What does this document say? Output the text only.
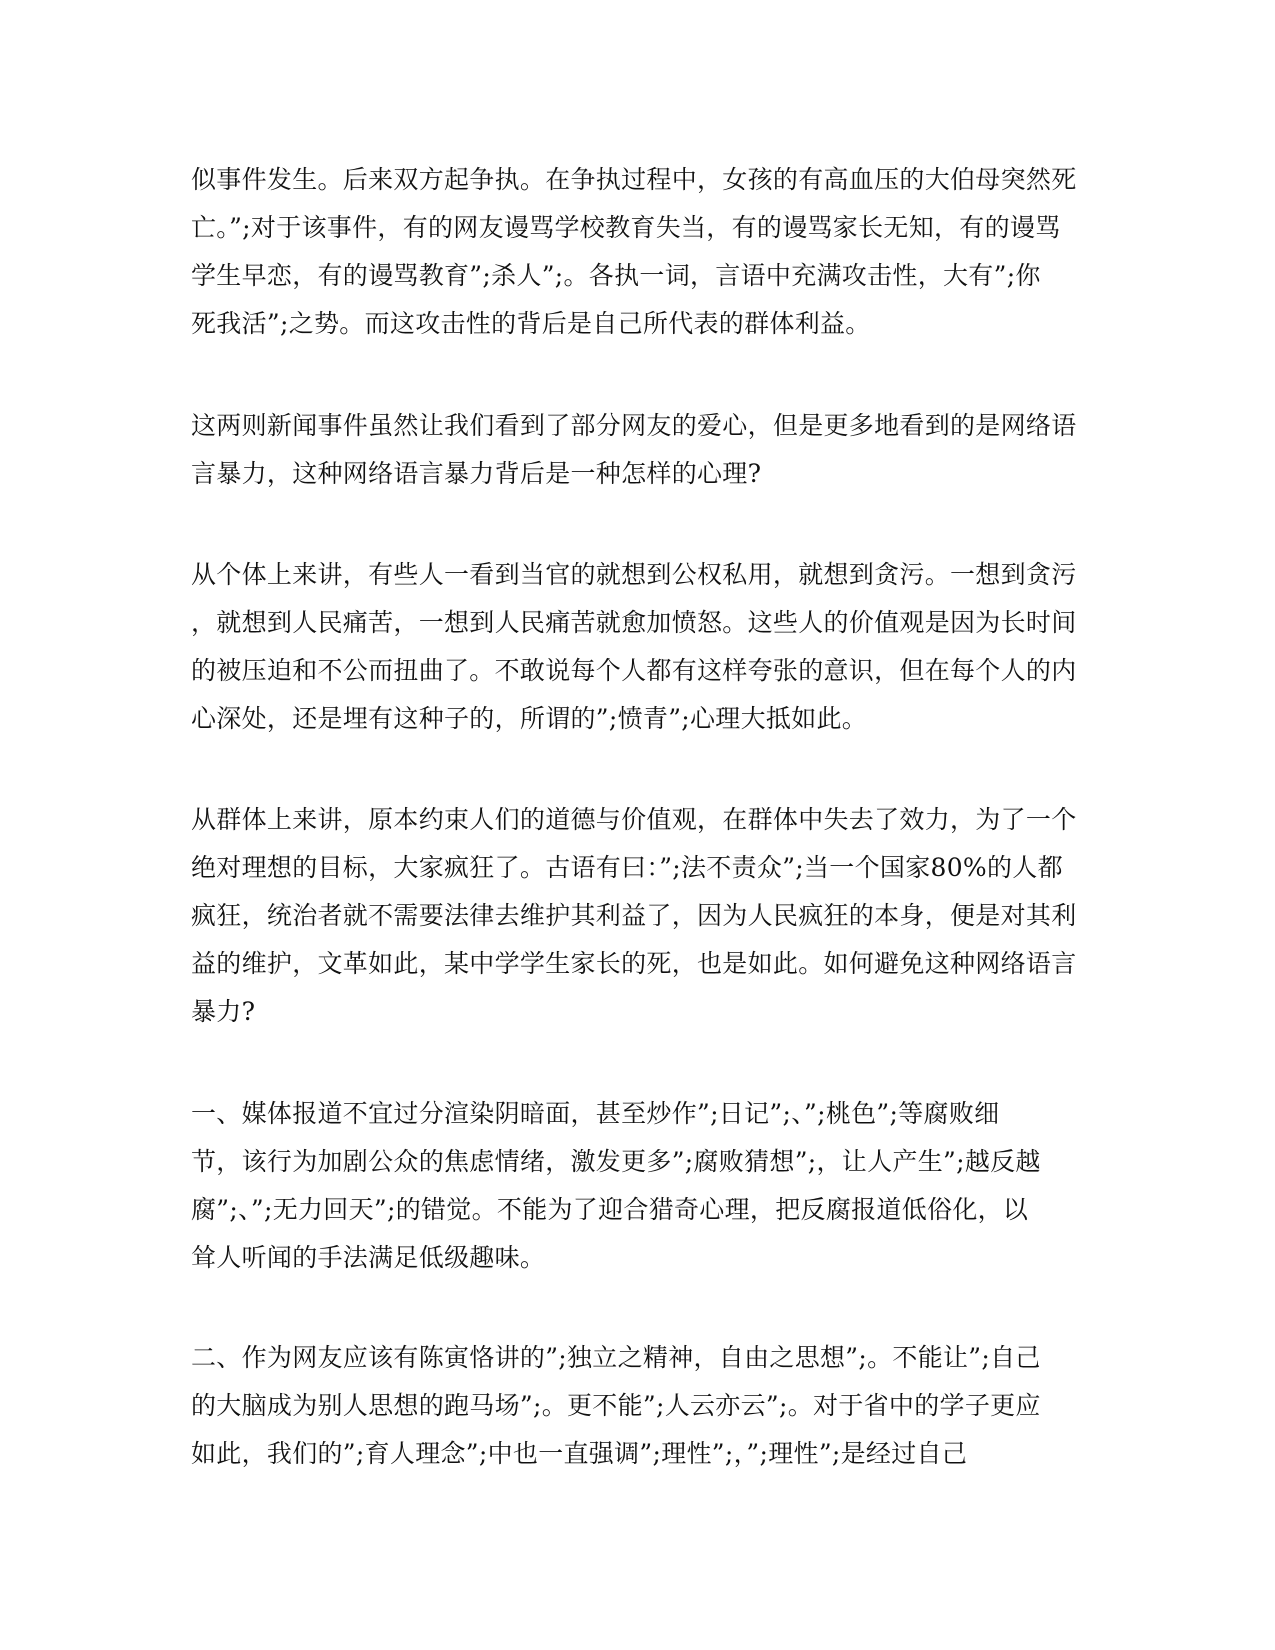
似事件发生。后来双方起争执。在争执过程中，女孩的有高血压的大伯母突然死
亡。”;对于该事件，有的网友谩骂学校教育失当，有的谩骂家长无知，有的谩骂
学生早恋，有的谩骂教育”;杀人”;。各执一词，言语中充满攻击性，大有”;你
死我活”;之势。而这攻击性的背后是自己所代表的群体利益。
这两则新闻事件虽然让我们看到了部分网友的爱心，但是更多地看到的是网络语
言暴力，这种网络语言暴力背后是一种怎样的心理?
从个体上来讲，有些人一看到当官的就想到公权私用，就想到贪污。一想到贪污
，就想到人民痛苦，一想到人民痛苦就愈加愤怒。这些人的价值观是因为长时间
的被压迫和不公而扭曲了。不敢说每个人都有这样夸张的意识，但在每个人的内
心深处，还是埋有这种子的，所谓的”;愤青”;心理大抵如此。
从群体上来讲，原本约束人们的道德与价值观，在群体中失去了效力，为了一个
绝对理想的目标，大家疯狂了。古语有曰：”;法不责众”;当一个国家80%的人都
疯狂，统治者就不需要法律去维护其利益了，因为人民疯狂的本身，便是对其利
益的维护，文革如此，某中学学生家长的死，也是如此。如何避免这种网络语言
暴力?
一、媒体报道不宜过分渲染阴暗面，甚至炒作”;日记”;、”;桃色”;等腐败细
节，该行为加剧公众的焦虑情绪，激发更多”;腐败猜想”;，让人产生”;越反越
腐”;、”;无力回天”;的错觉。不能为了迎合猎奇心理，把反腐报道低俗化，以
耸人听闻的手法满足低级趣味。
二、作为网友应该有陈寅恪讲的”;独立之精神，自由之思想”;。不能让”;自己
的大脑成为别人思想的跑马场”;。更不能”;人云亦云”;。对于省中的学子更应
如此，我们的”;育人理念”;中也一直强调”;理性”;，”;理性”;是经过自己
